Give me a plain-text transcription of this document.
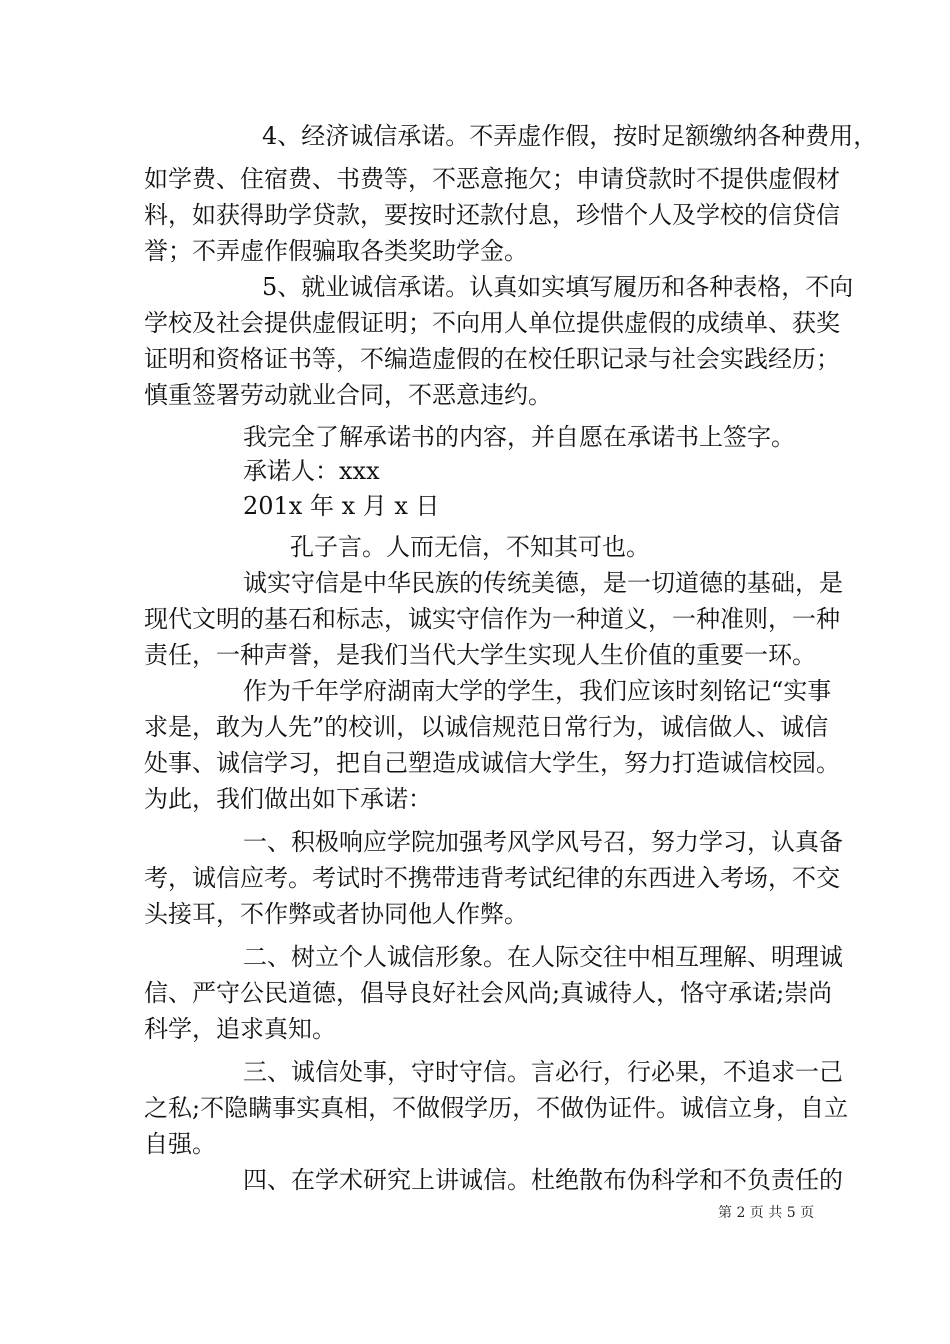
4、经济诚信承诺。不弄虚作假，按时足额缴纳各种费用，

如学费、住宿费、书费等，不恶意拖欠；申请贷款时不提供虚假材

料，如获得助学贷款，要按时还款付息，珍惜个人及学校的信贷信

誉；不弄虚作假骗取各类奖助学金。

5、就业诚信承诺。认真如实填写履历和各种表格，不向

学校及社会提供虚假证明；不向用人单位提供虚假的成绩单、获奖

证明和资格证书等，不编造虚假的在校任职记录与社会实践经历；

慎重签署劳动就业合同，不恶意违约。

我完全了解承诺书的内容，并自愿在承诺书上签字。

承诺人：xxx

201x 年 x 月 x 日

孔子言。人而无信，不知其可也。

诚实守信是中华民族的传统美德，是一切道德的基础，是

现代文明的基石和标志，诚实守信作为一种道义，一种准则，一种

责任，一种声誉，是我们当代大学生实现人生价值的重要一环。

作为千年学府湖南大学的学生，我们应该时刻铭记“实事

求是，敢为人先”的校训，以诚信规范日常行为，诚信做人、诚信

处事、诚信学习，把自己塑造成诚信大学生，努力打造诚信校园。

为此，我们做出如下承诺：

一、积极响应学院加强考风学风号召，努力学习，认真备

考，诚信应考。考试时不携带违背考试纪律的东西进入考场，不交

头接耳，不作弊或者协同他人作弊。

二、树立个人诚信形象。在人际交往中相互理解、明理诚

信、严守公民道德，倡导良好社会风尚;真诚待人，恪守承诺;崇尚

科学，追求真知。

三、诚信处事，守时守信。言必行，行必果，不追求一己

之私;不隐瞒事实真相，不做假学历，不做伪证件。诚信立身，自立

自强。

四、在学术研究上讲诚信。杜绝散布伪科学和不负责任的

第 2 页 共 5 页
